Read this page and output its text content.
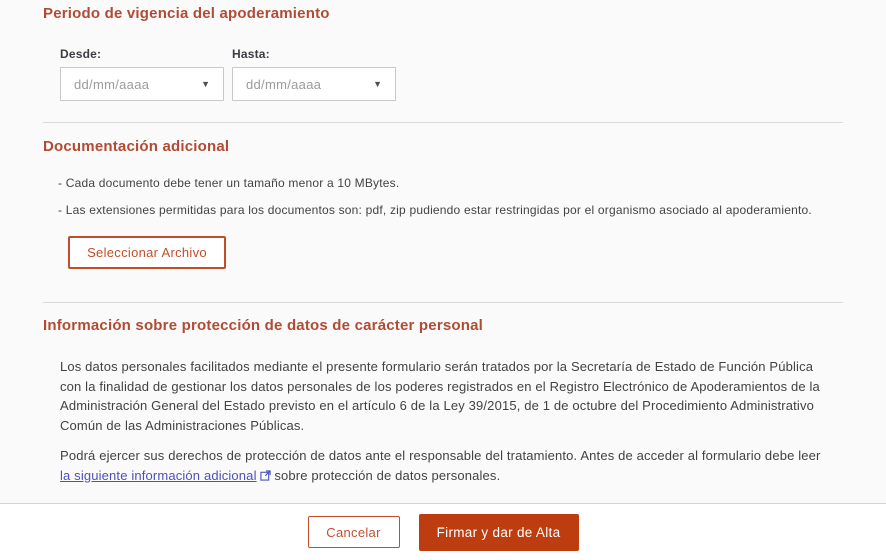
Periodo de vigencia del apoderamiento
Desde:
dd/mm/aaaa	▼
Hasta:
dd/mm/aaaa	▼
Documentación adicional
- Cada documento debe tener un tamaño menor a 10 MBytes.
- Las extensiones permitidas para los documentos son: pdf, zip pudiendo estar restringidas por el organismo asociado al apoderamiento.
Seleccionar Archivo
Información sobre protección de datos de carácter personal

Los datos personales facilitados mediante el presente formulario serán tratados por la Secretaría de Estado de Función Pública con la finalidad de gestionar los datos personales de los poderes registrados en el Registro Electrónico de Apoderamientos de la Administración General del Estado previsto en el artículo 6 de la Ley 39/2015, de 1 de octubre del Procedimiento Administrativo Común de las Administraciones Públicas.

Podrá ejercer sus derechos de protección de datos ante el responsable del tratamiento. Antes de acceder al formulario debe leer la siguiente información adicional sobre protección de datos personales.

Cancelar	Firmar y dar de Alta
